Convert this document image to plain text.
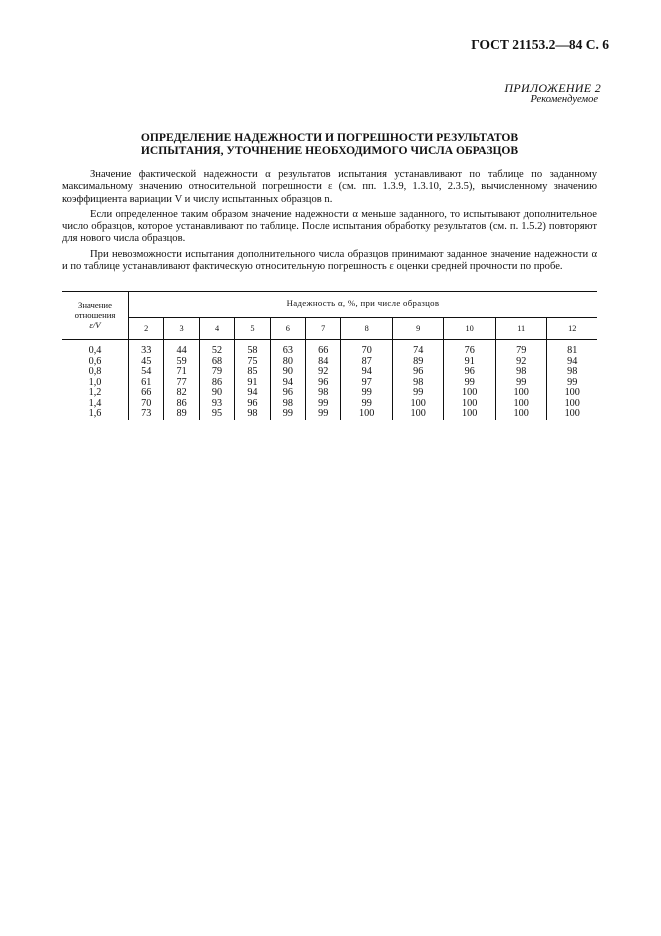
ГОСТ 21153.2—84 С. 6
ПРИЛОЖЕНИЕ 2
Рекомендуемое
ОПРЕДЕЛЕНИЕ НАДЕЖНОСТИ И ПОГРЕШНОСТИ РЕЗУЛЬТАТОВ
ИСПЫТАНИЯ, УТОЧНЕНИЕ НЕОБХОДИМОГО ЧИСЛА ОБРАЗЦОВ

Значение фактической надежности α результатов испытания устанавливают по таблице по заданному максимальному значению относительной погрешности ε (см. пп. 1.3.9, 1.3.10, 2.3.5), вычисленному значению коэффициента вариации V и числу испытанных образцов n.

Если определенное таким образом значение надежности α меньше заданного, то испытывают дополнительное число образцов, которое устанавливают по таблице. После испытания обработку результатов (см. п. 1.5.2) повторяют для нового числа образцов.

При невозможности испытания дополнительного числа образцов принимают заданное значение надежности α и по таблице устанавливают фактическую относительную погрешность ε оценки средней прочности по пробе.

Значение
отношения
ε/V	Надежность α, %, при числе образцов										
	2	3	4	5	6	7	8	9	10	11	12
0,4	33	44	52	58	63	66	70	74	76	79	81
0,6	45	59	68	75	80	84	87	89	91	92	94
0,8	54	71	79	85	90	92	94	96	96	98	98
1,0	61	77	86	91	94	96	97	98	99	99	99
1,2	66	82	90	94	96	98	99	99	100	100	100
1,4	70	86	93	96	98	99	99	100	100	100	100
1,6	73	89	95	98	99	99	100	100	100	100	100
